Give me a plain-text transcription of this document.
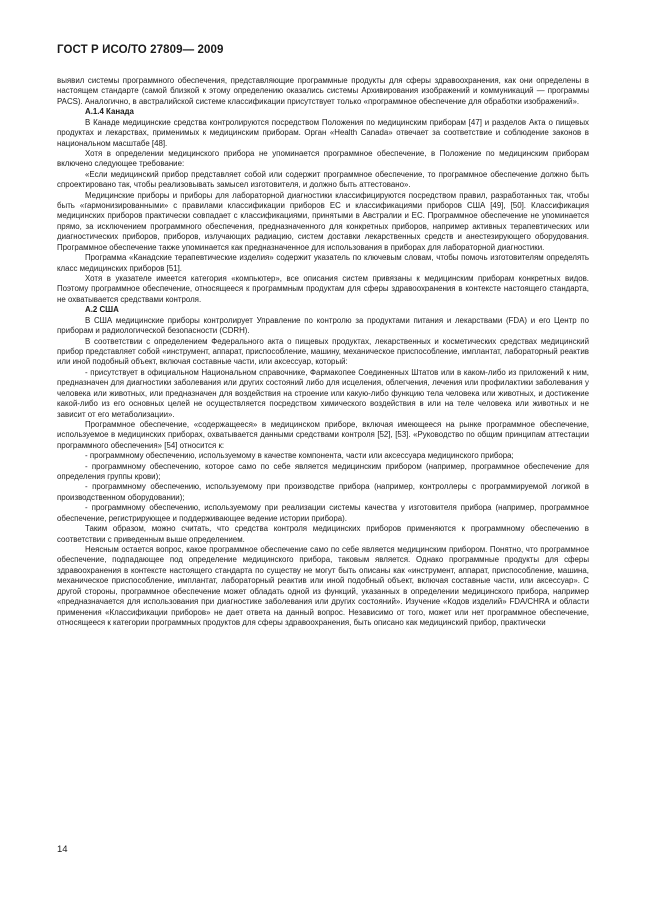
ГОСТ Р ИСО/ТО 27809— 2009

выявил системы программного обеспечения, представляющие программные продукты для сферы здравоохранения, как они определены в настоящем стандарте (самой близкой к этому определению оказались системы Архивирования изображений и коммуникаций — программы PACS). Аналогично, в австралийской системе классификации присутствует только «программное обеспечение для обработки изображений».

А.1.4 Канада

В Канаде медицинские средства контролируются посредством Положения по медицинским приборам [47] и разделов Акта о пищевых продуктах и лекарствах, применимых к медицинским приборам. Орган «Health Canada» отвечает за соответствие и соблюдение законов в национальном масштабе [48].

Хотя в определении медицинского прибора не упоминается программное обеспечение, в Положение по медицинским приборам включено следующее требование:

«Если медицинский прибор представляет собой или содержит программное обеспечение, то программное обеспечение должно быть спроектировано так, чтобы реализовывать замысел изготовителя, и должно быть аттестовано».

Медицинские приборы и приборы для лабораторной диагностики классифицируются посредством правил, разработанных так, чтобы быть «гармонизированными» с правилами классификации приборов ЕС и классификациями приборов США [49], [50]. Классификация медицинских приборов практически совпадает с классификациями, принятыми в Австралии и ЕС. Программное обеспечение не упоминается прямо, за исключением программного обеспечения, предназначенного для конкретных приборов, например активных терапевтических или диагностических приборов, приборов, излучающих радиацию, систем доставки лекарственных средств и анестезирующего оборудования. Программное обеспечение также упоминается как предназначенное для использования в приборах для лабораторной диагностики.

Программа «Канадские терапевтические изделия» содержит указатель по ключевым словам, чтобы помочь изготовителям определять класс медицинских приборов [51].

Хотя в указателе имеется категория «компьютер», все описания систем привязаны к медицинским приборам конкретных видов. Поэтому программное обеспечение, относящееся к программным продуктам для сферы здравоохранения в контексте настоящего стандарта, не охватывается средствами контроля.

А.2 США

В США медицинские приборы контролирует Управление по контролю за продуктами питания и лекарствами (FDA) и его Центр по приборам и радиологической безопасности (CDRH).

В соответствии с определением Федерального акта о пищевых продуктах, лекарственных и косметических средствах медицинский прибор представляет собой «инструмент, аппарат, приспособление, машину, механическое приспособление, имплантат, лабораторный реактив или иной подобный объект, включая составные части, или аксессуар, который:

- присутствует в официальном Национальном справочнике, Фармакопее Соединенных Штатов или в каком-либо из приложений к ним, предназначен для диагностики заболевания или других состояний либо для исцеления, облегчения, лечения или профилактики заболевания у человека или животных, или предназначен для воздействия на строение или какую-либо функцию тела человека или животных, и достижение какой-либо из его основных целей не осуществляется посредством химического воздействия в или на теле человека или животных и не зависит от его метаболизации».

Программное обеспечение, «содержащееся» в медицинском приборе, включая имеющееся на рынке программное обеспечение, используемое в медицинских приборах, охватывается данными средствами контроля [52], [53]. «Руководство по общим принципам аттестации программного обеспечения» [54] относится к:

- программному обеспечению, используемому в качестве компонента, части или аксессуара медицинского прибора;

- программному обеспечению, которое само по себе является медицинским прибором (например, программное обеспечение для определения группы крови);

- программному обеспечению, используемому при производстве прибора (например, контроллеры с программируемой логикой в производственном оборудовании);

- программному обеспечению, используемому при реализации системы качества у изготовителя прибора (например, программное обеспечение, регистрирующее и поддерживающее ведение истории прибора).

Таким образом, можно считать, что средства контроля медицинских приборов применяются к программному обеспечению в соответствии с приведенным выше определением.

Неясным остается вопрос, какое программное обеспечение само по себе является медицинским прибором. Понятно, что программное обеспечение, подпадающее под определение медицинского прибора, таковым является. Однако программные продукты для сферы здравоохранения в контексте настоящего стандарта по существу не могут быть описаны как «инструмент, аппарат, приспособление, машина, механическое приспособление, имплантат, лабораторный реактив или иной подобный объект, включая составные части, или аксессуар». С другой стороны, программное обеспечение может обладать одной из функций, указанных в определении медицинского прибора, например «предназначается для использования при диагностике заболевания или других состояний». Изучение «Кодов изделий» FDA/CHRA и области применения «Классификации приборов» не дает ответа на данный вопрос. Независимо от того, может или нет программное обеспечение, относящееся к категории программных продуктов для сферы здравоохранения, быть описано как медицинский прибор, практически

14
